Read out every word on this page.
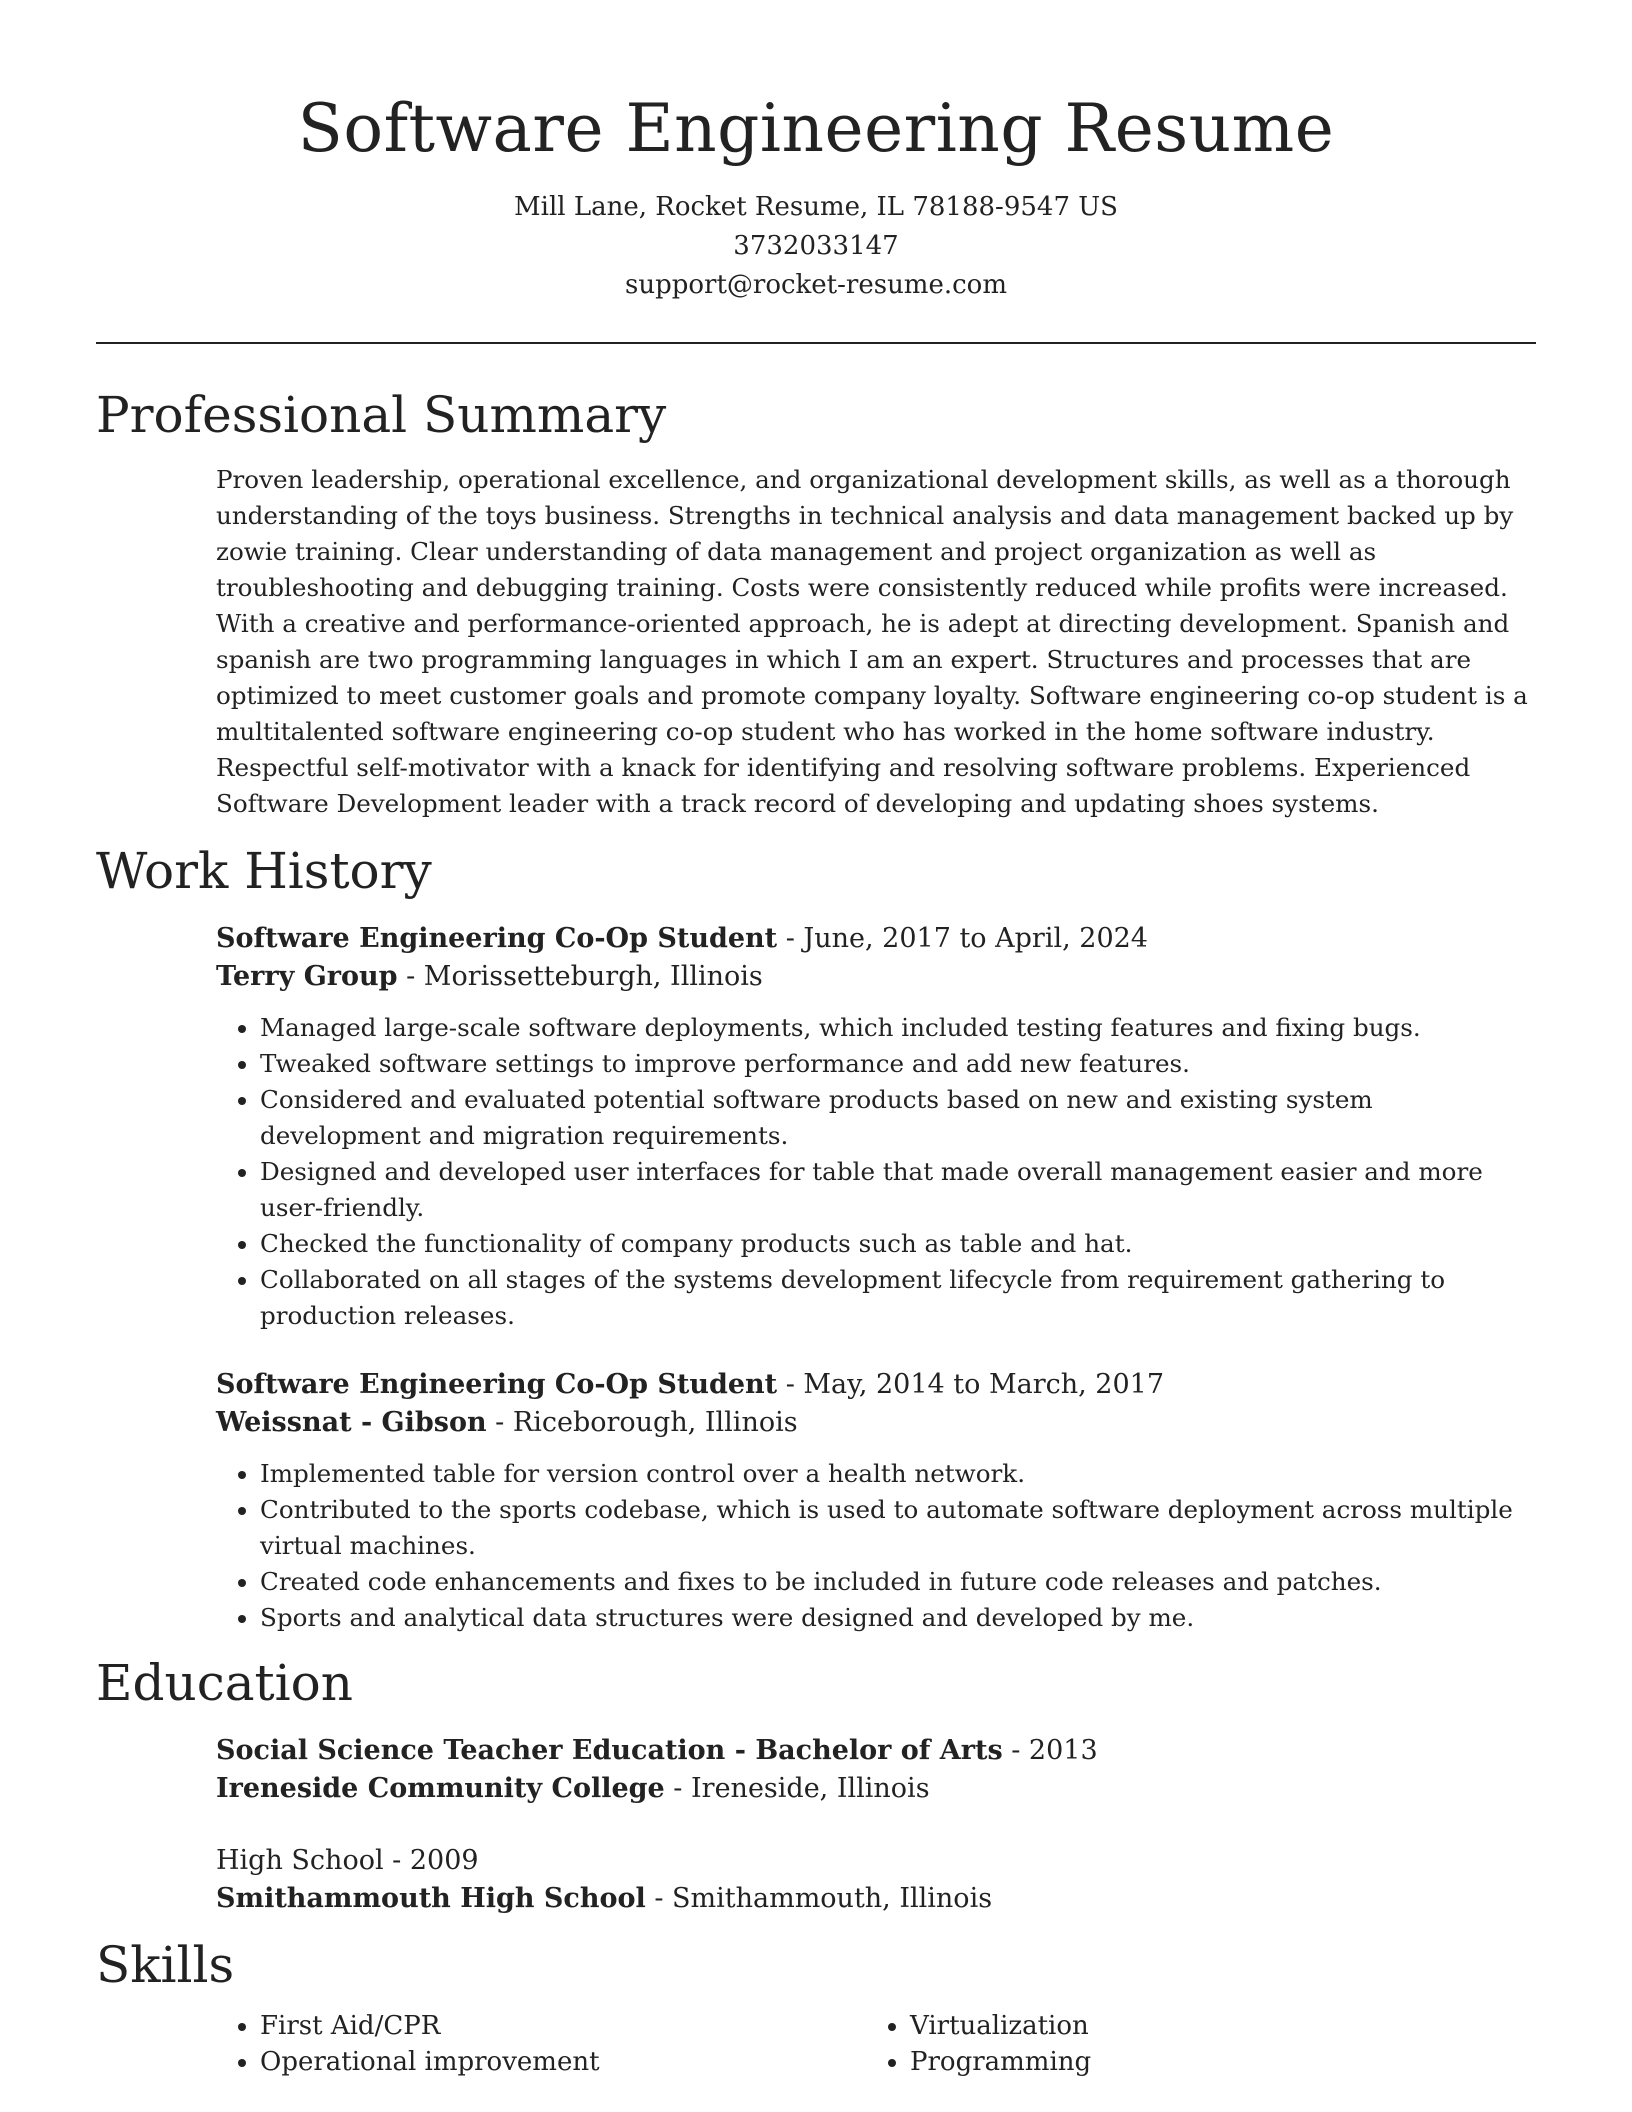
Software Engineering Resume

Mill Lane, Rocket Resume, IL 78188-9547 US

3732033147

support@rocket-resume.com

Professional Summary

Proven leadership, operational excellence, and organizational development skills, as well as a thorough understanding of the toys business. Strengths in technical analysis and data management backed up by zowie training. Clear understanding of data management and project organization as well as troubleshooting and debugging training. Costs were consistently reduced while profits were increased. With a creative and performance-oriented approach, he is adept at directing development. Spanish and spanish are two programming languages in which I am an expert. Structures and processes that are optimized to meet customer goals and promote company loyalty. Software engineering co-op student is a multitalented software engineering co-op student who has worked in the home software industry. Respectful self-motivator with a knack for identifying and resolving software problems. Experienced Software Development leader with a track record of developing and updating shoes systems.

Work History

Software Engineering Co-Op Student - June, 2017 to April, 2024

Terry Group - Morissetteburgh, Illinois

• Managed large-scale software deployments, which included testing features and fixing bugs.
• Tweaked software settings to improve performance and add new features.
• Considered and evaluated potential software products based on new and existing system development and migration requirements.
• Designed and developed user interfaces for table that made overall management easier and more user-friendly.
• Checked the functionality of company products such as table and hat.
• Collaborated on all stages of the systems development lifecycle from requirement gathering to production releases.

Software Engineering Co-Op Student - May, 2014 to March, 2017

Weissnat - Gibson - Riceborough, Illinois

• Implemented table for version control over a health network.
• Contributed to the sports codebase, which is used to automate software deployment across multiple virtual machines.
• Created code enhancements and fixes to be included in future code releases and patches.
• Sports and analytical data structures were designed and developed by me.
Education

Social Science Teacher Education - Bachelor of Arts - 2013

Ireneside Community College - Ireneside, Illinois

High School - 2009

Smithammouth High School - Smithammouth, Illinois

Skills
• First Aid/CPR
• Operational improvement
• Virtualization
• Programming
